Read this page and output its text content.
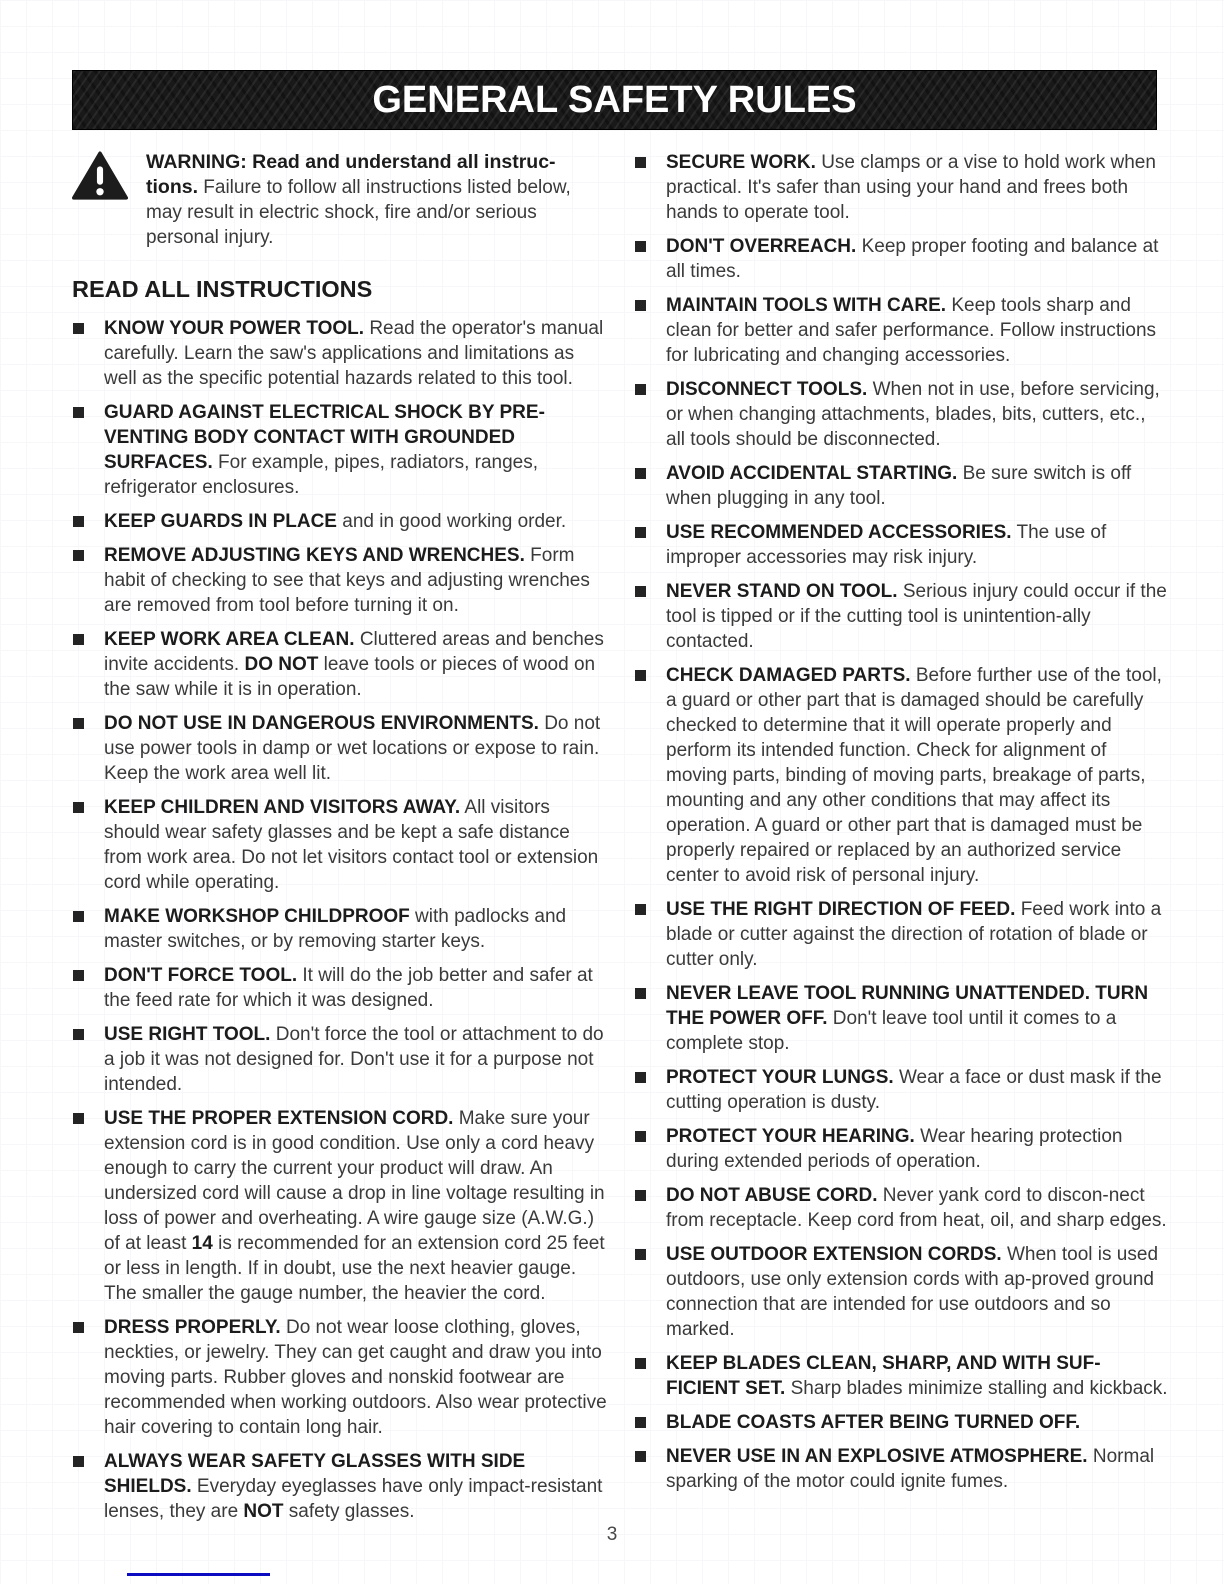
GENERAL SAFETY RULES

WARNING: Read and understand all instruc-tions. Failure to follow all instructions listed below, may result in electric shock, fire and/or serious personal injury.

READ ALL INSTRUCTIONS
KNOW YOUR POWER TOOL. Read the operator's manual carefully. Learn the saw's applications and limitations as well as the specific potential hazards related to this tool.
GUARD AGAINST ELECTRICAL SHOCK BY PRE-VENTING BODY CONTACT WITH GROUNDED SURFACES. For example, pipes, radiators, ranges, refrigerator enclosures.
KEEP GUARDS IN PLACE and in good working order.
REMOVE ADJUSTING KEYS AND WRENCHES. Form habit of checking to see that keys and adjusting wrenches are removed from tool before turning it on.
KEEP WORK AREA CLEAN. Cluttered areas and benches invite accidents. DO NOT leave tools or pieces of wood on the saw while it is in operation.
DO NOT USE IN DANGEROUS ENVIRONMENTS. Do not use power tools in damp or wet locations or expose to rain. Keep the work area well lit.
KEEP CHILDREN AND VISITORS AWAY. All visitors should wear safety glasses and be kept a safe distance from work area. Do not let visitors contact tool or extension cord while operating.
MAKE WORKSHOP CHILDPROOF with padlocks and master switches, or by removing starter keys.
DON'T FORCE TOOL. It will do the job better and safer at the feed rate for which it was designed.
USE RIGHT TOOL. Don't force the tool or attachment to do a job it was not designed for. Don't use it for a purpose not intended.
USE THE PROPER EXTENSION CORD. Make sure your extension cord is in good condition. Use only a cord heavy enough to carry the current your product will draw. An undersized cord will cause a drop in line voltage resulting in loss of power and overheating. A wire gauge size (A.W.G.) of at least 14 is recommended for an extension cord 25 feet or less in length. If in doubt, use the next heavier gauge. The smaller the gauge number, the heavier the cord.
DRESS PROPERLY. Do not wear loose clothing, gloves, neckties, or jewelry. They can get caught and draw you into moving parts. Rubber gloves and nonskid footwear are recommended when working outdoors. Also wear protective hair covering to contain long hair.
ALWAYS WEAR SAFETY GLASSES WITH SIDE SHIELDS. Everyday eyeglasses have only impact-resistant lenses, they are NOT safety glasses.
SECURE WORK. Use clamps or a vise to hold work when practical. It's safer than using your hand and frees both hands to operate tool.
DON'T OVERREACH. Keep proper footing and balance at all times.
MAINTAIN TOOLS WITH CARE. Keep tools sharp and clean for better and safer performance. Follow instructions for lubricating and changing accessories.
DISCONNECT TOOLS. When not in use, before servicing, or when changing attachments, blades, bits, cutters, etc., all tools should be disconnected.
AVOID ACCIDENTAL STARTING. Be sure switch is off when plugging in any tool.
USE RECOMMENDED ACCESSORIES. The use of improper accessories may risk injury.
NEVER STAND ON TOOL. Serious injury could occur if the tool is tipped or if the cutting tool is unintention-ally contacted.
CHECK DAMAGED PARTS. Before further use of the tool, a guard or other part that is damaged should be carefully checked to determine that it will operate properly and perform its intended function. Check for alignment of moving parts, binding of moving parts, breakage of parts, mounting and any other conditions that may affect its operation. A guard or other part that is damaged must be properly repaired or replaced by an authorized service center to avoid risk of personal injury.
USE THE RIGHT DIRECTION OF FEED. Feed work into a blade or cutter against the direction of rotation of blade or cutter only.
NEVER LEAVE TOOL RUNNING UNATTENDED. TURN THE POWER OFF. Don't leave tool until it comes to a complete stop.
PROTECT YOUR LUNGS. Wear a face or dust mask if the cutting operation is dusty.
PROTECT YOUR HEARING. Wear hearing protection during extended periods of operation.
DO NOT ABUSE CORD. Never yank cord to discon-nect from receptacle. Keep cord from heat, oil, and sharp edges.
USE OUTDOOR EXTENSION CORDS. When tool is used outdoors, use only extension cords with ap-proved ground connection that are intended for use outdoors and so marked.
KEEP BLADES CLEAN, SHARP, AND WITH SUF-FICIENT SET. Sharp blades minimize stalling and kickback.
BLADE COASTS AFTER BEING TURNED OFF.
NEVER USE IN AN EXPLOSIVE ATMOSPHERE. Normal sparking of the motor could ignite fumes.
3
